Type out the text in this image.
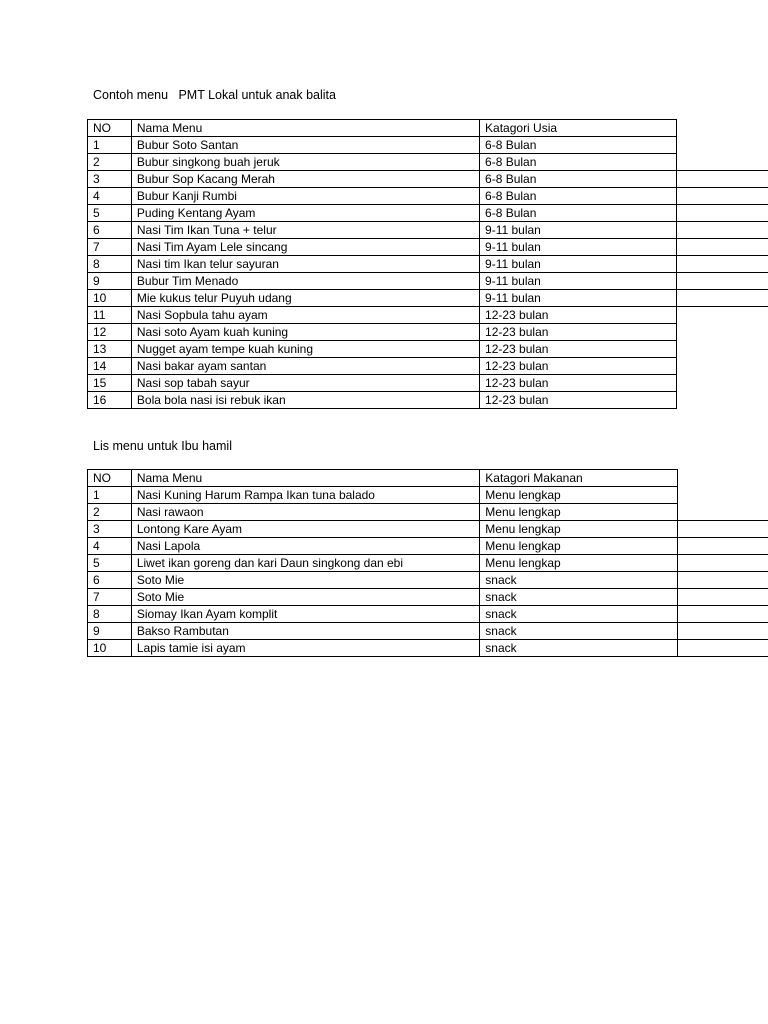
Contoh menu   PMT Lokal untuk anak balita
NO	Nama Menu	Katagori Usia	
1	Bubur Soto Santan	6-8 Bulan	
2	Bubur singkong buah jeruk	6-8 Bulan	
3	Bubur Sop Kacang Merah	6-8 Bulan	
4	Bubur Kanji Rumbi	6-8 Bulan	
5	Puding Kentang Ayam	6-8 Bulan	
6	Nasi Tim Ikan Tuna + telur	9-11 bulan	
7	Nasi Tim Ayam Lele sincang	9-11 bulan	
8	Nasi tim Ikan telur sayuran	9-11 bulan	
9	Bubur Tim Menado	9-11 bulan	
10	Mie kukus telur Puyuh udang	9-11 bulan	
11	Nasi Sopbula tahu ayam	12-23 bulan	
12	Nasi soto Ayam kuah kuning	12-23 bulan	
13	Nugget ayam tempe kuah kuning	12-23 bulan	
14	Nasi bakar ayam santan	12-23 bulan	
15	Nasi sop tabah sayur	12-23 bulan	
16	Bola bola nasi isi rebuk ikan	12-23 bulan	
Lis menu untuk Ibu hamil
NO	Nama Menu	Katagori Makanan	
1	Nasi Kuning Harum Rampa Ikan tuna balado	Menu lengkap	
2	Nasi rawaon	Menu lengkap	
3	Lontong Kare Ayam	Menu lengkap	
4	Nasi Lapola	Menu lengkap	
5	Liwet ikan goreng dan kari Daun singkong dan ebi	Menu lengkap	
6	Soto Mie	snack	
7	Soto Mie	snack	
8	Siomay Ikan Ayam komplit	snack	
9	Bakso Rambutan	snack	
10	Lapis tamie isi ayam	snack	
